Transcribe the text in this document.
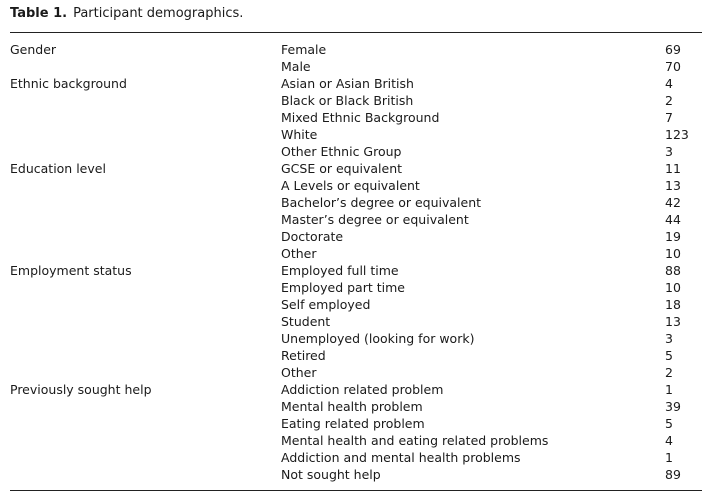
Table 1. Participant demographics.
Gender	Female	69
Male	70
Ethnic background	Asian or Asian British	4
Black or Black British	2
Mixed Ethnic Background	7
White	123
Other Ethnic Group	3
Education level	GCSE or equivalent	11
A Levels or equivalent	13
Bachelor’s degree or equivalent	42
Master’s degree or equivalent	44
Doctorate	19
Other	10
Employment status	Employed full time	88
Employed part time	10
Self employed	18
Student	13
Unemployed (looking for work)	3
Retired	5
Other	2
Previously sought help	Addiction related problem	1
Mental health problem	39
Eating related problem	5
Mental health and eating related problems	4
Addiction and mental health problems	1
Not sought help	89
